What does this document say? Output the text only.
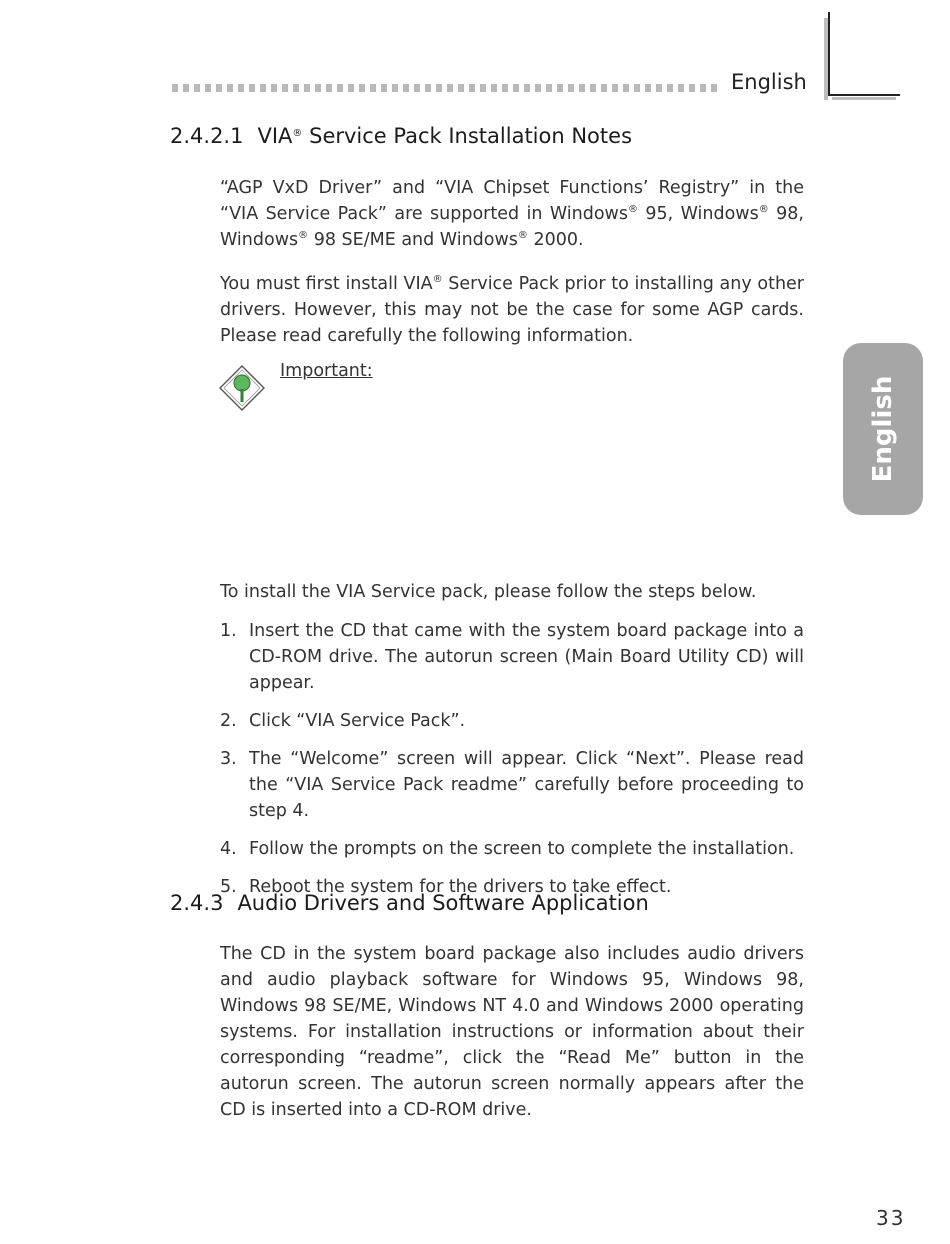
English
English
2.4.2.1 VIA® Service Pack Installation Notes

“AGP VxD Driver” and “VIA Chipset Functions’ Registry” in the “VIA Service Pack” are supported in Windows® 95, Windows® 98, Windows® 98 SE/ME and Windows® 2000.

You must first install VIA® Service Pack prior to installing any other drivers. However, this may not be the case for some AGP cards. Please read carefully the following information.

Important:

To install the VIA Service pack, please follow the steps below.

1. Insert the CD that came with the system board package into a CD-ROM drive. The autorun screen (Main Board Utility CD) will appear.
2. Click “VIA Service Pack”.
3. The “Welcome” screen will appear. Click “Next”. Please read the “VIA Service Pack readme” carefully before proceeding to step 4.
4. Follow the prompts on the screen to complete the installation.
5. Reboot the system for the drivers to take effect.
2.4.3 Audio Drivers and Software Application

The CD in the system board package also includes audio drivers and audio playback software for Windows 95, Windows 98, Windows 98 SE/ME, Windows NT 4.0 and Windows 2000 operating systems. For installation instructions or information about their corresponding “readme”, click the “Read Me” button in the autorun screen. The autorun screen normally appears after the CD is inserted into a CD-ROM drive.

33
